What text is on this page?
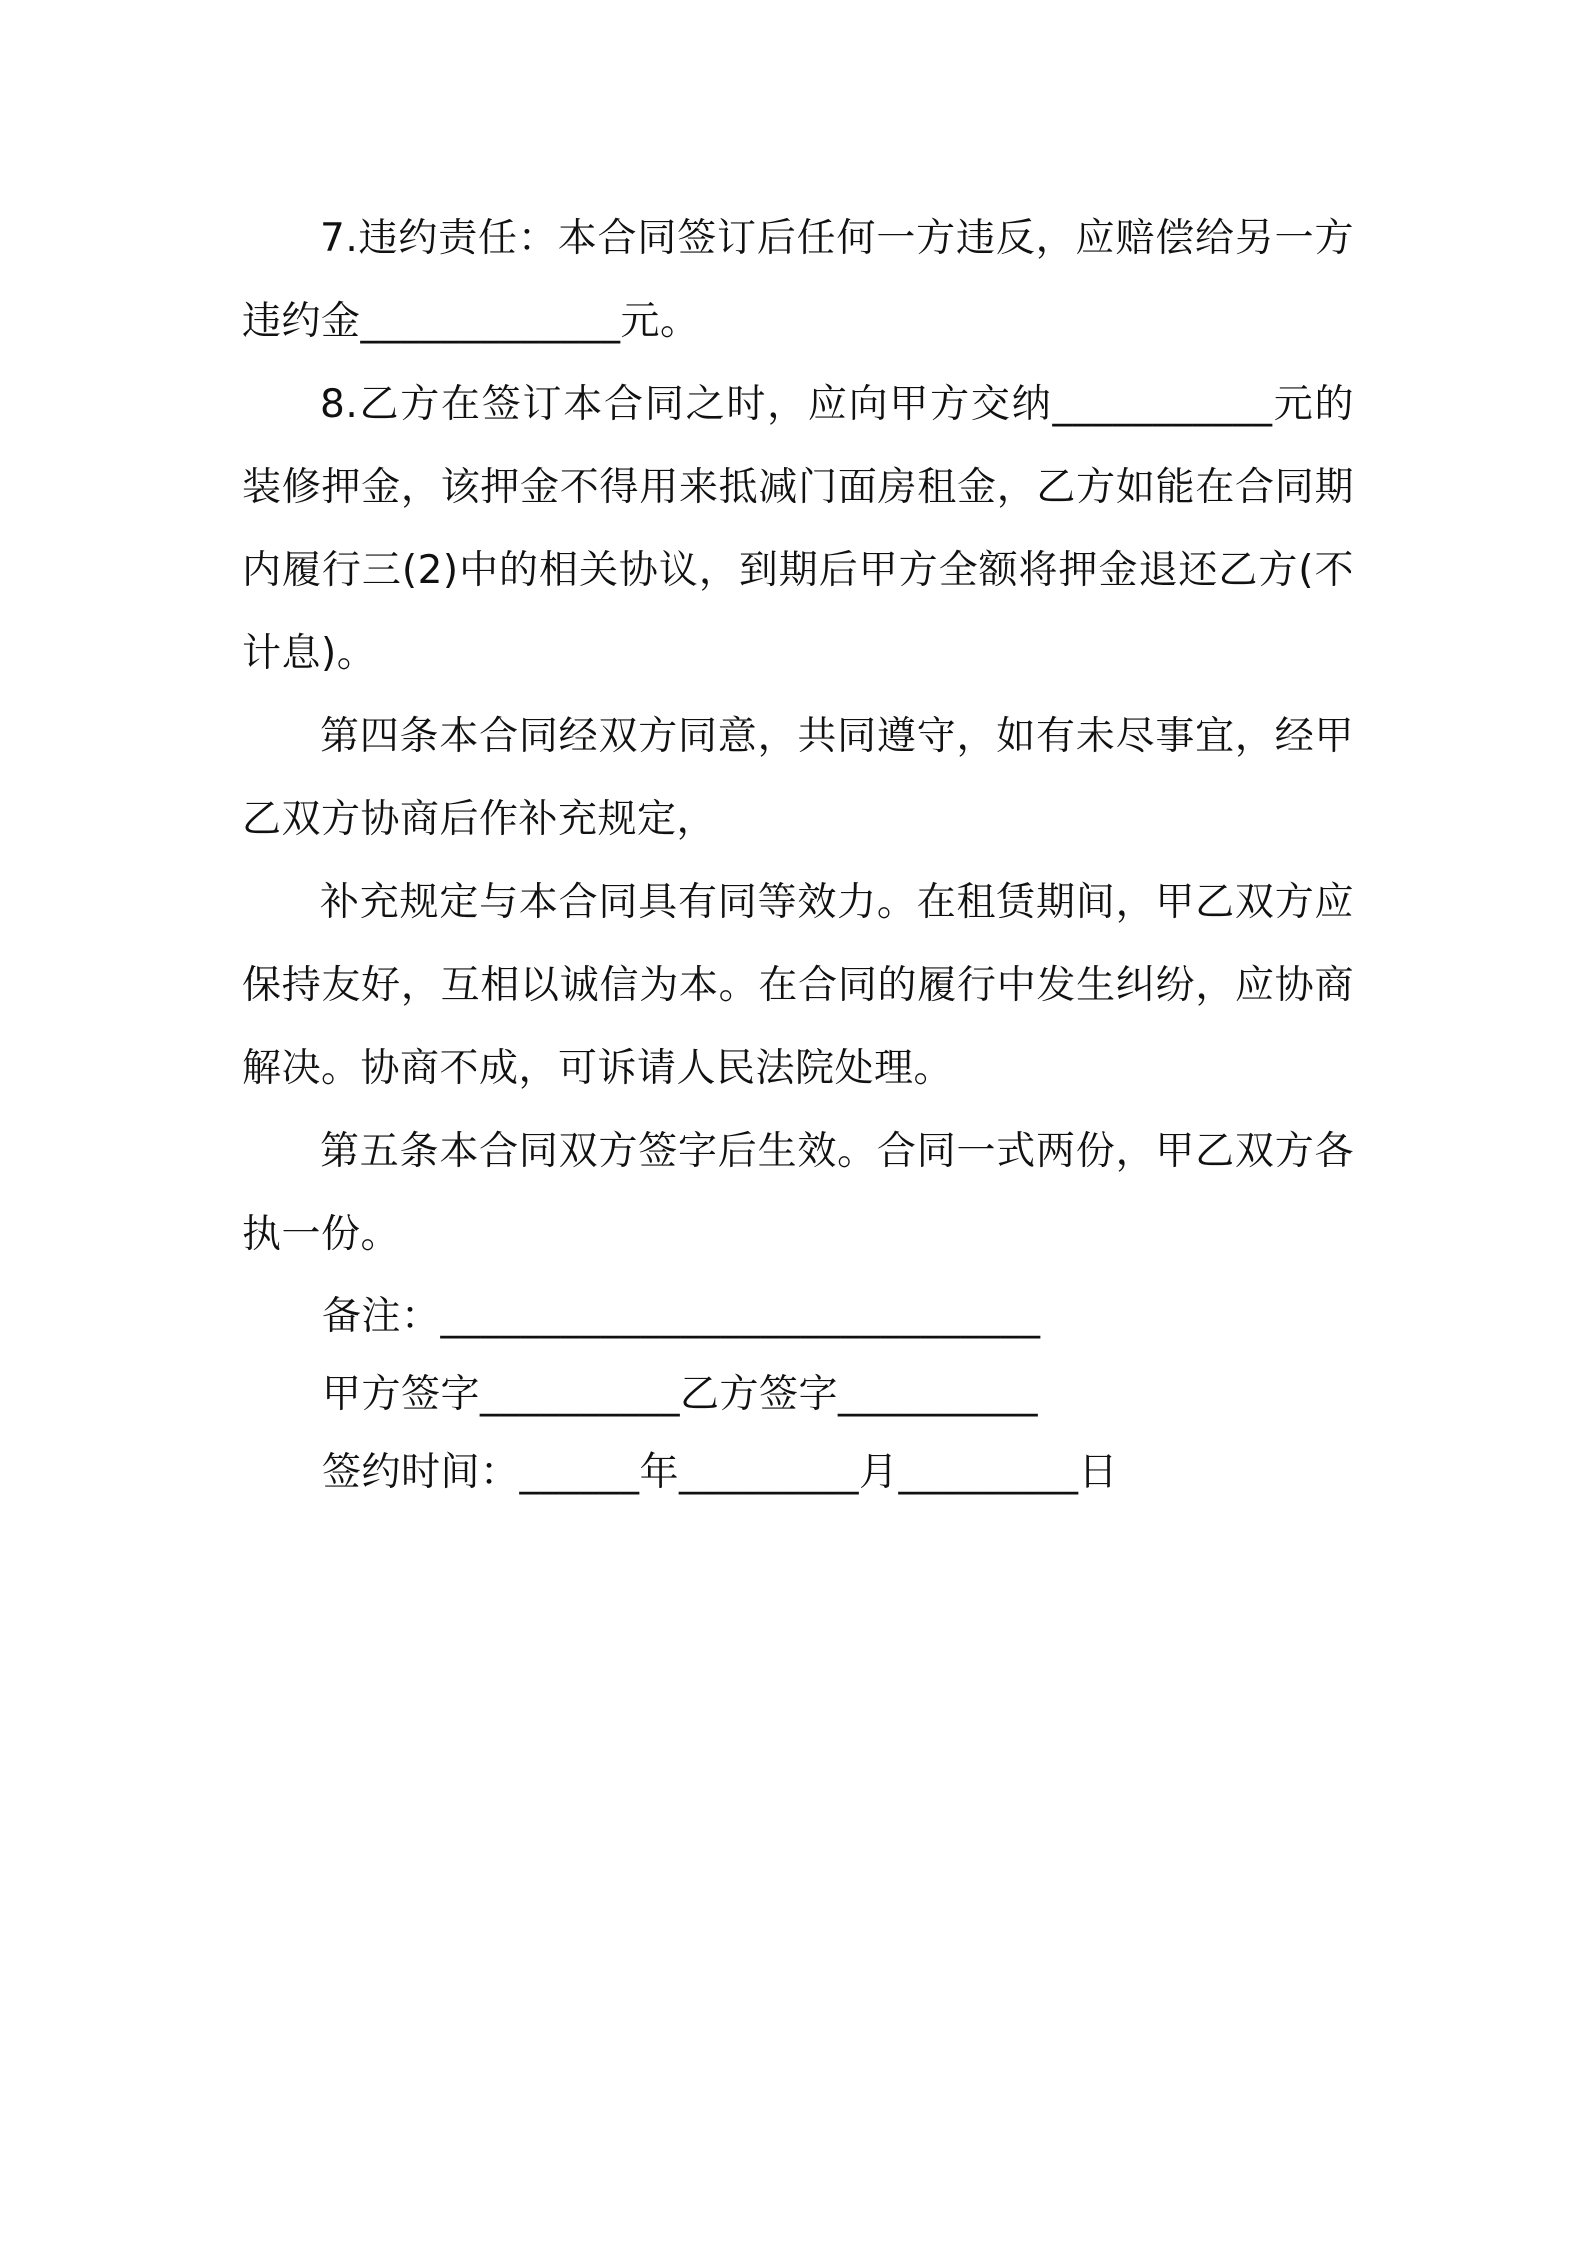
7.违约责任：本合同签订后任何一方违反，应赔偿给另一方违约金_____________元。

8.乙方在签订本合同之时，应向甲方交纳___________元的装修押金，该押金不得用来抵减门面房租金，乙方如能在合同期内履行三(2)中的相关协议，到期后甲方全额将押金退还乙方(不计息)。

第四条本合同经双方同意，共同遵守，如有未尽事宜，经甲乙双方协商后作补充规定，

补充规定与本合同具有同等效力。在租赁期间，甲乙双方应保持友好，互相以诚信为本。在合同的履行中发生纠纷，应协商解决。协商不成，可诉请人民法院处理。

第五条本合同双方签字后生效。合同一式两份，甲乙双方各执一份。

备注：______________________________

甲方签字__________乙方签字__________

签约时间：______年_________月_________日
